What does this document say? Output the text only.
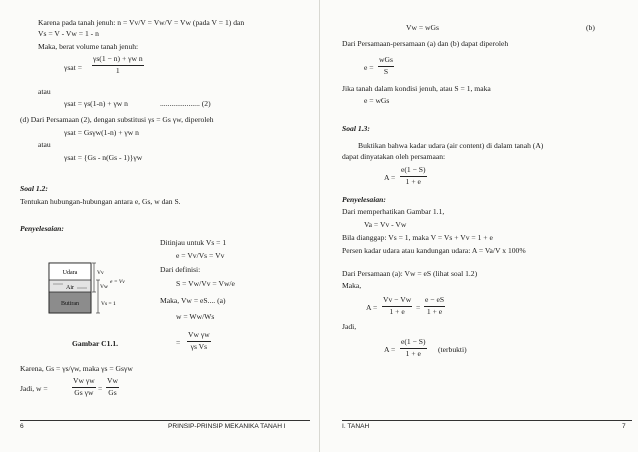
Karena pada tanah jenuh: n = Vv/V = Vw/V = Vw (pada V = 1) dan
Vs = V - Vw = 1 - n
Maka, berat volume tanah jenuh:
$\gamma sat = \frac{\text{γs(1 − n) + γw n}}{1}$
atau
γsat = γs(1-n) + γw n	..................... (2)
(d) Dari Persamaan (2), dengan substitusi γs = Gs γw, diperoleh
γsat = Gsγw(1-n) + γw n
atau
γsat = {Gs - n(Gs - 1)}γw
Soal 1.2:
Tentukan hubungan-hubungan antara e, Gs, w dan S.
Penyelesaian:
Ditinjau untuk Vs = 1
e = Vv/Vs = Vv
Dari definisi:
S = Vw/Vv = Vw/e
Maka, Vw = eS.... (a)
w = Ww/Ws
= $\frac{\text{Vw γw}}{\text{γs Vs}}$
Udara
Air
Butiran
Vv
Vw
e = Vv
Vs = 1
Gambar C1.1.
Karena, Gs = γs/γw, maka γs = Gsγw
Jadi, w =	$\frac{\text{Vw γw}}{\text{Gs γw}} = \frac{Vw}{Gs}$
6	PRINSIP-PRINSIP MEKANIKA TANAH I
Vw = wGs	(b)
Dari Persamaan-persamaan (a) dan (b) dapat diperoleh
e =
wGs
S
Jika tanah dalam kondisi jenuh, atau S = 1, maka
e = wGs
Soal 1.3:
Buktikan bahwa kadar udara (air content) di dalam tanah (A)
dapat dinyatakan oleh persamaan:
$A = \frac{e(1 - S)}{1 + e}$
Penyelesaian:
Dari memperhatikan Gambar 1.1,
Va = Vv - Vw
Bila dianggap: Vs = 1, maka V = Vs + Vv = 1 + e
Persen kadar udara atau kandungan udara: A = Va/V x 100%
Dari Persamaan (a): Vw = eS (lihat soal 1.2)
Maka,
$A = \frac{Vv - Vw}{1 + e} = \frac{e - eS}{1 + e}$
Jadi,
$A = \frac{e(1 - S)}{1 + e}$ (terbukti)
I. TANAH	7
